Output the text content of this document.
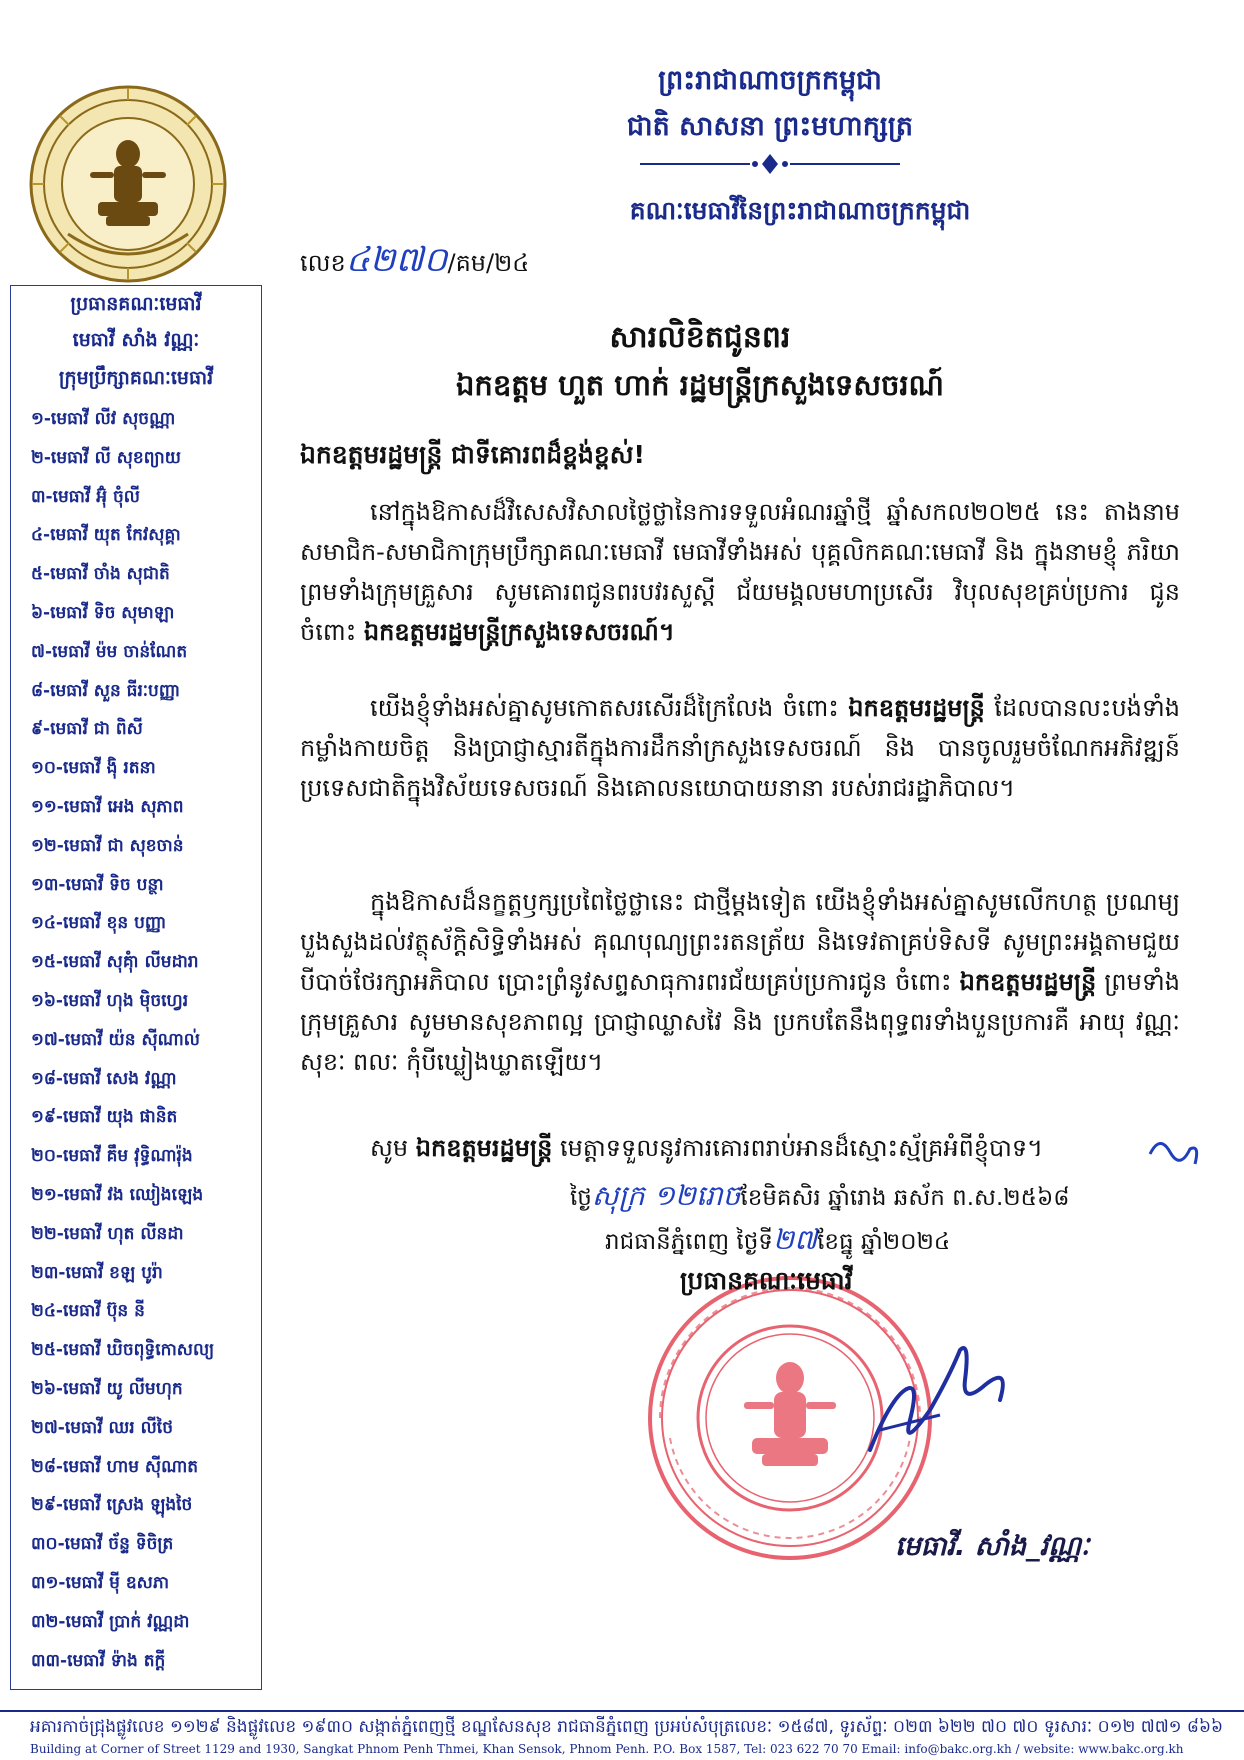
ព្រះរាជាណាចក្រកម្ពុជា
ជាតិ សាសនា ព្រះមហាក្សត្រ
គណៈមេធាវីនៃព្រះរាជាណាចក្រកម្ពុជា
លេខ៤២៧០/គម/២៤
ប្រធានគណៈមេធាវី
មេធាវី សាំង វណ្ណៈ
ក្រុមប្រឹក្សាគណៈមេធាវី
១-មេធាវី លីវ សុចណ្ណា
២-មេធាវី លី សុខព្យាយ
៣-មេធាវី អ៊ុំ ចុំលី
៤-មេធាវី យុត កែវសុគ្គា
៥-មេធាវី ចាំង សុជាតិ
៦-មេធាវី ទិច សុមាឡា
៧-មេធាវី ម៉ម ចាន់ណែត
៨-មេធាវី សួន ធីរៈបញ្ញា
៩-មេធាវី ជា ពិសី
១០-មេធាវី ង៉ិ រតនា
១១-មេធាវី អេង សុភាព
១២-មេធាវី ជា សុខចាន់
១៣-មេធាវី ទិច បន្ថា
១៤-មេធាវី ខុន បញ្ញា
១៥-មេធាវី សុគុំា លីមដារា
១៦-មេធាវី ហុង ម៉ិចហ្វេរ
១៧-មេធាវី យ៉ន ស៊ីណាល់
១៨-មេធាវី សេង វណ្ណា
១៩-មេធាវី យុង ផានិត
២០-មេធាវី គឹម វុទ្ធិណារ៉ុង
២១-មេធាវី វង ឈៀងឡេង
២២-មេធាវី ហុត លីនដា
២៣-មេធាវី ខឡ បូរ៉ា
២៤-មេធាវី ប៊ុន នី
២៥-មេធាវី ឃិចពុទ្ធិកោសល្យ
២៦-មេធាវី យូ លីមហុក
២៧-មេធាវី ឈរ លីថៃ
២៨-មេធាវី ហាម ស៊ីណាត
២៩-មេធាវី ស្រេង ឡុងថៃ
៣០-មេធាវី ច័ន្ទ ទិចិត្រ
៣១-មេធាវី ម៉ី ឧសភា
៣២-មេធាវី ប្រាក់ វណ្ណដា
៣៣-មេធាវី ទ៉ាង តក្តី
សារលិខិតជូនពរ
ឯកឧត្តម ហួត ហាក់ រដ្ឋមន្ត្រីក្រសួងទេសចរណ៍
ឯកឧត្តមរដ្ឋមន្ត្រី ជាទីគោរពដ៏ខ្ពង់ខ្ពស់!
នៅក្នុងឱកាសដ៏វិសេសវិសាលថ្លៃថ្លានៃការទទួលអំណរឆ្នាំថ្មី ឆ្នាំសកល២០២៥ នេះ តាងនាមសមាជិក-សមាជិកាក្រុមប្រឹក្សាគណៈមេធាវី មេធាវីទាំងអស់ បុគ្គលិកគណៈមេធាវី និង ក្នុងនាមខ្ញុំ ភរិយា ព្រមទាំងក្រុមគ្រួសារ សូមគោរពជូនពរបវរសួស្តី ជ័យមង្គលមហាប្រសើរ វិបុលសុខគ្រប់ប្រការ ជូនចំពោះ ឯកឧត្តមរដ្ឋមន្ត្រីក្រសួងទេសចរណ៍។
យើងខ្ញុំទាំងអស់គ្នាសូមកោតសរសើរដ៏ក្រៃលែង ចំពោះ ឯកឧត្តមរដ្ឋមន្ត្រី ដែលបានលះបង់ទាំងកម្លាំងកាយចិត្ត និងប្រាជ្ញាស្មារតីក្នុងការដឹកនាំក្រសួងទេសចរណ៍ និង បានចូលរួមចំណែកអភិវឌ្ឍន៍ប្រទេសជាតិក្នុងវិស័យទេសចរណ៍ និងគោលនយោបាយនានា របស់រាជរដ្ឋាភិបាល។
ក្នុងឱកាសដ៏នក្ខត្តឫក្សប្រពៃថ្លៃថ្លានេះ ជាថ្មីម្តងទៀត យើងខ្ញុំទាំងអស់គ្នាសូមលើកហត្ថ ប្រណម្យបួងសួងដល់វត្ថុស័ក្តិសិទ្ធិទាំងអស់ គុណបុណ្យព្រះរតនត្រ័យ និងទេវតាគ្រប់ទិសទី សូមព្រះអង្គតាមជួយបីបាច់ថែរក្សាអភិបាល ប្រោះព្រំនូវសព្ទសាធុការពរជ័យគ្រប់ប្រការជូន ចំពោះ ឯកឧត្តមរដ្ឋមន្ត្រី ព្រមទាំងក្រុមគ្រួសារ សូមមានសុខភាពល្អ ប្រាជ្ញាឈ្លាសវៃ និង ប្រកបតែនឹងពុទ្ធពរទាំងបួនប្រការគឺ អាយុ វណ្ណៈ សុខៈ ពលៈ កុំបីឃ្លៀងឃ្លាតឡើយ។
សូម ឯកឧត្តមរដ្ឋមន្ត្រី មេត្តាទទួលនូវការគោរពរាប់អានដ៏ស្មោះស្ម័គ្រអំពីខ្ញុំបាទ។
ថ្ងៃសុក្រ ១២រោចខែមិគសិរ ឆ្នាំរោង ឆស័ក ព.ស.២៥៦៨
រាជធានីភ្នំពេញ ថ្ងៃទី២៧ខែធ្នូ ឆ្នាំ២០២៤
ប្រធានគណៈមេធាវី
មេធាវី. សាំង_វណ្ណៈ
អគារកាច់ជ្រុងផ្លូវលេខ ១១២៩ និងផ្លូវលេខ ១៩៣០ សង្កាត់ភ្នំពេញថ្មី ខណ្ឌសែនសុខ រាជធានីភ្នំពេញ ប្រអប់សំបុត្រលេខៈ ១៥៨៧, ទូរស័ព្ទៈ ០២៣ ៦២២ ៧០ ៧០ ទូរសារៈ ០១២ ៧៧១ ៨៦៦
Building at Corner of Street 1129 and 1930, Sangkat Phnom Penh Thmei, Khan Sensok, Phnom Penh. P.O. Box 1587, Tel: 023 622 70 70 Email: info@bakc.org.kh / website: www.bakc.org.kh
